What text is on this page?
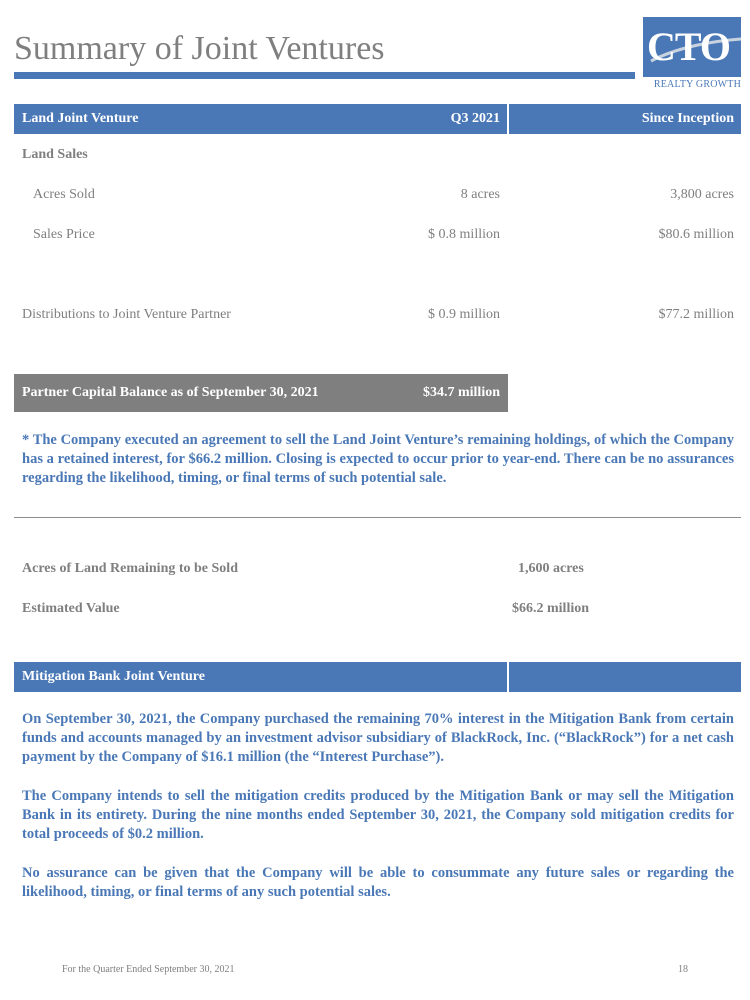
Summary of Joint Ventures	CTO
REALTY GROWTH
Land Joint Venture	Q3 2021	Since Inception
Land Sales
Acres Sold	8 acres	3,800 acres
Sales Price	$ 0.8 million	$80.6 million
Distributions to Joint Venture Partner	$ 0.9 million	$77.2 million
Partner Capital Balance as of September 30, 2021	$34.7 million
* The Company executed an agreement to sell the Land Joint Venture’s remaining holdings, of which the Company has a retained interest, for $66.2 million. Closing is expected to occur prior to year-end. There can be no assurances regarding the likelihood, timing, or final terms of such potential sale.
Acres of Land Remaining to be Sold	1,600 acres
Estimated Value	$66.2 million
Mitigation Bank Joint Venture
On September 30, 2021, the Company purchased the remaining 70% interest in the Mitigation Bank from certain funds and accounts managed by an investment advisor subsidiary of BlackRock, Inc. (“BlackRock”) for a net cash payment by the Company of $16.1 million (the “Interest Purchase”).
The Company intends to sell the mitigation credits produced by the Mitigation Bank or may sell the Mitigation Bank in its entirety. During the nine months ended September 30, 2021, the Company sold mitigation credits for total proceeds of $0.2 million.
No assurance can be given that the Company will be able to consummate any future sales or regarding the likelihood, timing, or final terms of any such potential sales.
For the Quarter Ended September 30, 2021	18
